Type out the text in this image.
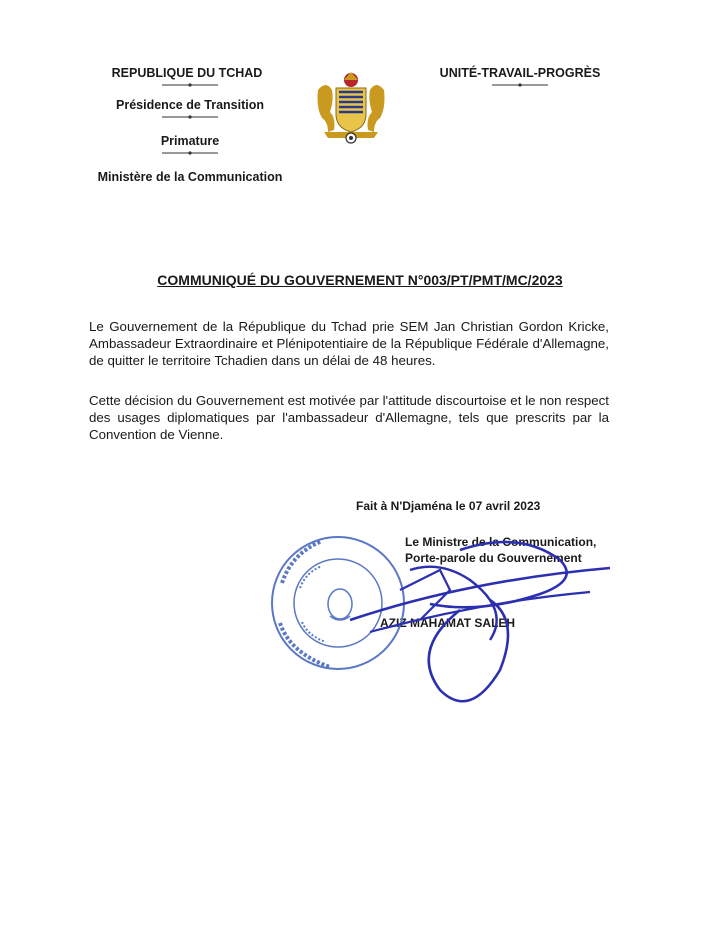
REPUBLIQUE DU TCHAD
Présidence de Transition
Primature
Ministère de la Communication
UNITÉ-TRAVAIL-PROGRÈS
COMMUNIQUÉ DU GOUVERNEMENT N°003/PT/PMT/MC/2023
Le Gouvernement de la République du Tchad prie SEM Jan Christian Gordon Kricke, Ambassadeur Extraordinaire et Plénipotentiaire de la République Fédérale d'Allemagne, de quitter le territoire Tchadien dans un délai de 48 heures.
Cette décision du Gouvernement est motivée par l'attitude discourtoise et le non respect des usages diplomatiques par l'ambassadeur d'Allemagne, tels que prescrits par la Convention de Vienne.
Fait à N'Djaména le 07 avril 2023
Le Ministre de la Communication,
Porte-parole du Gouvernement
AZIZ MAHAMAT SALEH
